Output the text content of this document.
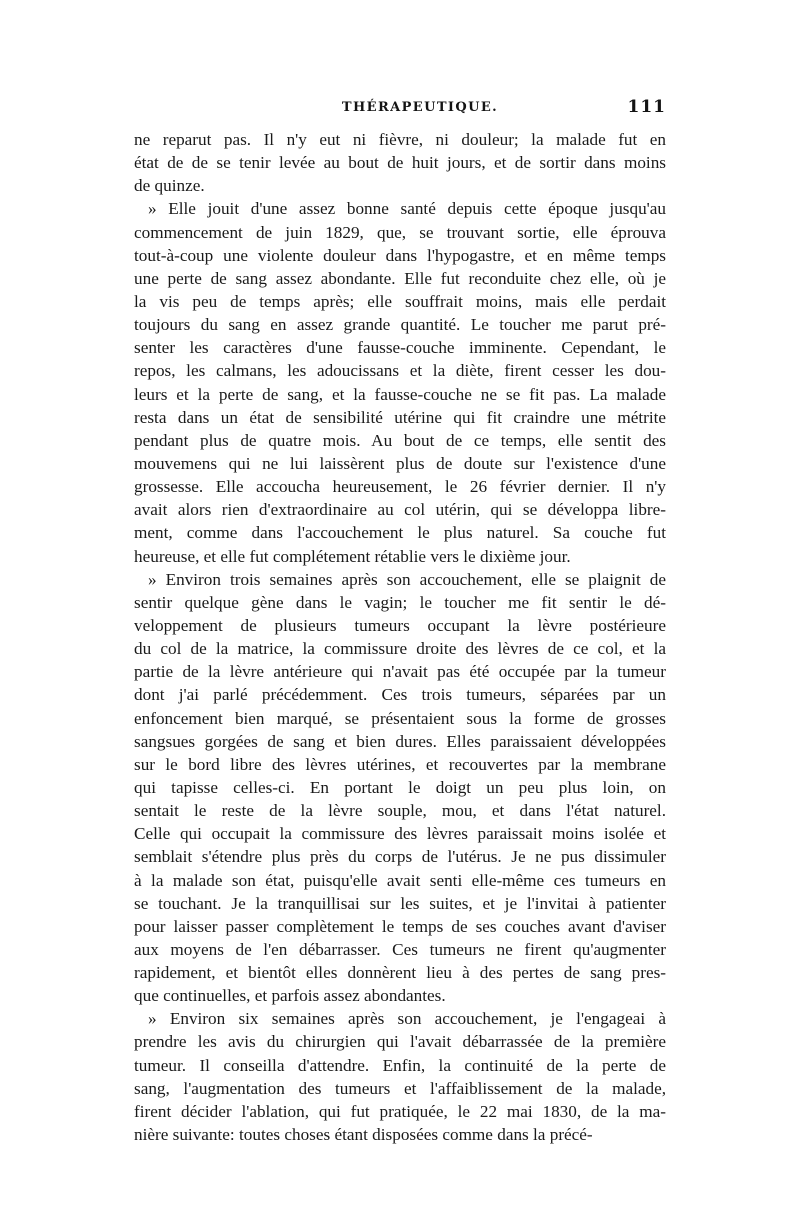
THÉRAPEUTIQUE.	111
ne reparut pas. Il n'y eut ni fièvre, ni douleur; la malade fut en
état de de se tenir levée au bout de huit jours, et de sortir dans moins
de quinze.
» Elle jouit d'une assez bonne santé depuis cette époque jusqu'au
commencement de juin 1829, que, se trouvant sortie, elle éprouva
tout-à-coup une violente douleur dans l'hypogastre, et en même temps
une perte de sang assez abondante. Elle fut reconduite chez elle, où je
la vis peu de temps après; elle souffrait moins, mais elle perdait
toujours du sang en assez grande quantité. Le toucher me parut pré-
senter les caractères d'une fausse-couche imminente. Cependant, le
repos, les calmans, les adoucissans et la diète, firent cesser les dou-
leurs et la perte de sang, et la fausse-couche ne se fit pas. La malade
resta dans un état de sensibilité utérine qui fit craindre une métrite
pendant plus de quatre mois. Au bout de ce temps, elle sentit des
mouvemens qui ne lui laissèrent plus de doute sur l'existence d'une
grossesse. Elle accoucha heureusement, le 26 février dernier. Il n'y
avait alors rien d'extraordinaire au col utérin, qui se développa libre-
ment, comme dans l'accouchement le plus naturel. Sa couche fut
heureuse, et elle fut complétement rétablie vers le dixième jour.
» Environ trois semaines après son accouchement, elle se plaignit de
sentir quelque gène dans le vagin; le toucher me fit sentir le dé-
veloppement de plusieurs tumeurs occupant la lèvre postérieure
du col de la matrice, la commissure droite des lèvres de ce col, et la
partie de la lèvre antérieure qui n'avait pas été occupée par la tumeur
dont j'ai parlé précédemment. Ces trois tumeurs, séparées par un
enfoncement bien marqué, se présentaient sous la forme de grosses
sangsues gorgées de sang et bien dures. Elles paraissaient développées
sur le bord libre des lèvres utérines, et recouvertes par la membrane
qui tapisse celles-ci. En portant le doigt un peu plus loin, on
sentait le reste de la lèvre souple, mou, et dans l'état naturel.
Celle qui occupait la commissure des lèvres paraissait moins isolée et
semblait s'étendre plus près du corps de l'utérus. Je ne pus dissimuler
à la malade son état, puisqu'elle avait senti elle-même ces tumeurs en
se touchant. Je la tranquillisai sur les suites, et je l'invitai à patienter
pour laisser passer complètement le temps de ses couches avant d'aviser
aux moyens de l'en débarrasser. Ces tumeurs ne firent qu'augmenter
rapidement, et bientôt elles donnèrent lieu à des pertes de sang pres-
que continuelles, et parfois assez abondantes.
» Environ six semaines après son accouchement, je l'engageai à
prendre les avis du chirurgien qui l'avait débarrassée de la première
tumeur. Il conseilla d'attendre. Enfin, la continuité de la perte de
sang, l'augmentation des tumeurs et l'affaiblissement de la malade,
firent décider l'ablation, qui fut pratiquée, le 22 mai 1830, de la ma-
nière suivante: toutes choses étant disposées comme dans la précé-
